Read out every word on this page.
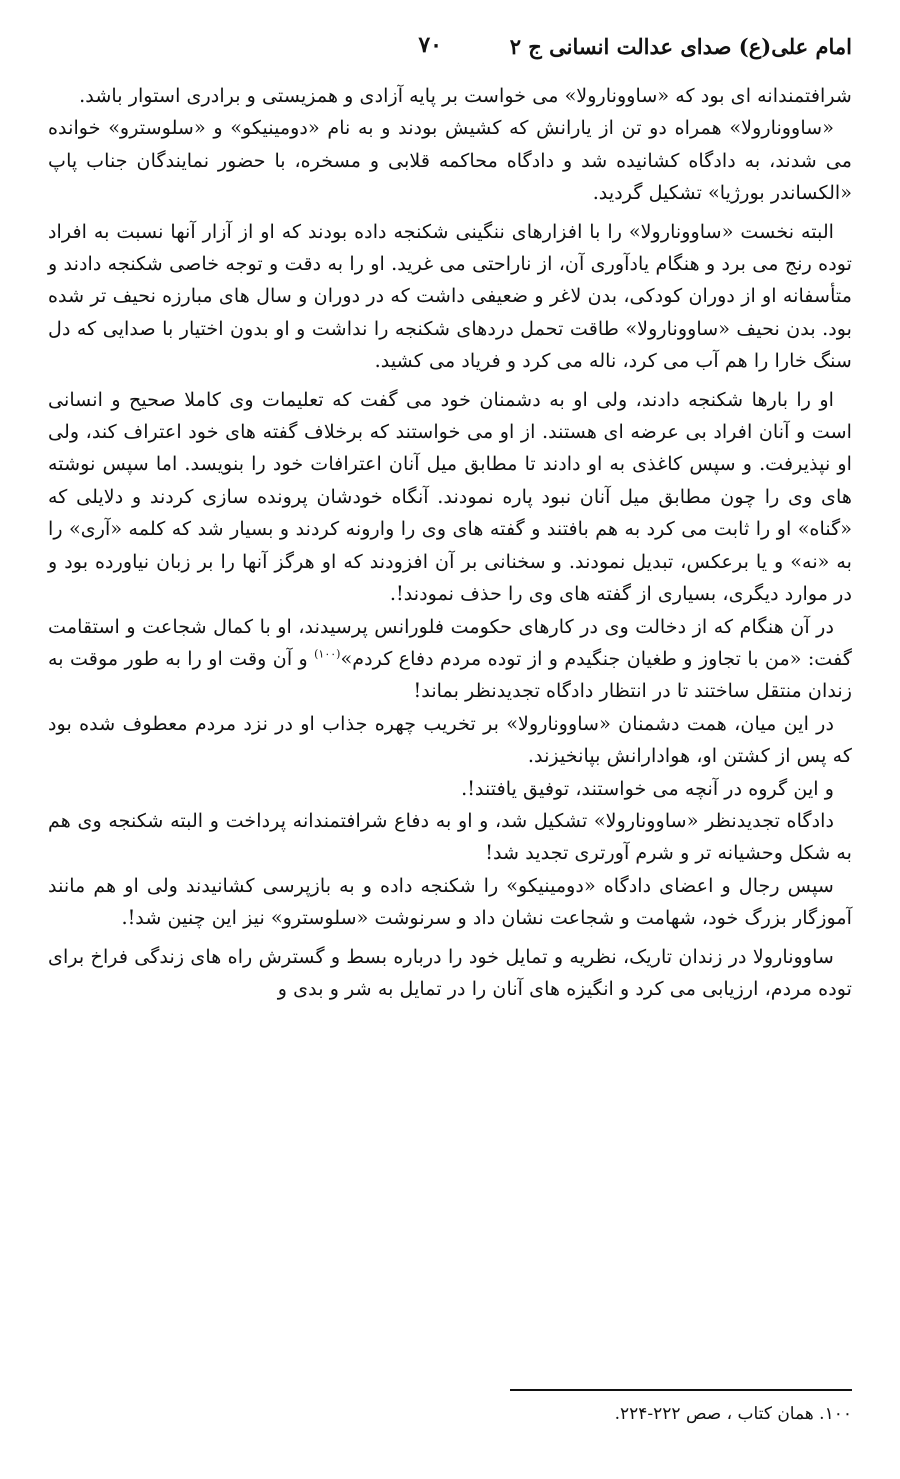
امام علی(ع) صدای عدالت انسانی ج ۲
۷۰

شرافتمندانه ای بود که «ساوونارولا» می خواست بر پایه آزادی و همزیستی و برادری استوار باشد.

«ساوونارولا» همراه دو تن از یارانش که کشیش بودند و به نام «دومینیکو» و «سلوسترو» خوانده می شدند، به دادگاه کشانیده شد و دادگاه محاکمه قلابی و مسخره، با حضور نمایندگان جناب پاپ «الکساندر بورژیا» تشکیل گردید.

البته نخست «ساوونارولا» را با افزارهای ننگینی شکنجه داده بودند که او از آزار آنها نسبت به افراد توده رنج می برد و هنگام یادآوری آن، از ناراحتی می غرید. او را به دقت و توجه خاصی شکنجه دادند و متأسفانه او از دوران کودکی، بدن لاغر و ضعیفی داشت که در دوران و سال های مبارزه نحیف تر شده بود. بدن نحیف «ساوونارولا» طاقت تحمل دردهای شکنجه را نداشت و او بدون اختیار با صدایی که دل سنگ خارا را هم آب می کرد، ناله می کرد و فریاد می کشید.

او را بارها شکنجه دادند، ولی او به دشمنان خود می گفت که تعلیمات وی کاملا صحیح و انسانی است و آنان افراد بی عرضه ای هستند. از او می خواستند که برخلاف گفته های خود اعتراف کند، ولی او نپذیرفت. و سپس کاغذی به او دادند تا مطابق میل آنان اعترافات خود را بنویسد. اما سپس نوشته های وی را چون مطابق میل آنان نبود پاره نمودند. آنگاه خودشان پرونده سازی کردند و دلایلی که «گناه» او را ثابت می کرد به هم بافتند و گفته های وی را وارونه کردند و بسیار شد که کلمه «آری» را به «نه» و یا برعکس، تبدیل نمودند. و سخنانی بر آن افزودند که او هرگز آنها را بر زبان نیاورده بود و در موارد دیگری، بسیاری از گفته های وی را حذف نمودند!.

در آن هنگام که از دخالت وی در کارهای حکومت فلورانس پرسیدند، او با کمال شجاعت و استقامت گفت: «من با تجاوز و طغیان جنگیدم و از توده مردم دفاع کردم»$^{(۱۰۰)}$ و آن وقت او را به طور موقت به زندان منتقل ساختند تا در انتظار دادگاه تجدیدنظر بماند!

در این میان، همت دشمنان «ساوونارولا» بر تخریب چهره جذاب او در نزد مردم معطوف شده بود که پس از کشتن او، هوادارانش بپانخیزند.

و این گروه در آنچه می خواستند، توفیق یافتند!.

دادگاه تجدیدنظر «ساوونارولا» تشکیل شد، و او به دفاع شرافتمندانه پرداخت و البته شکنجه وی هم به شکل وحشیانه تر و شرم آورتری تجدید شد!

سپس رجال و اعضای دادگاه «دومینیکو» را شکنجه داده و به بازپرسی کشانیدند ولی او هم مانند آموزگار بزرگ خود، شهامت و شجاعت نشان داد و سرنوشت «سلوسترو» نیز این چنین شد!.

ساوونارولا در زندان تاریک، نظریه و تمایل خود را درباره بسط و گسترش راه های زندگی فراخ برای توده مردم، ارزیابی می کرد و انگیزه های آنان را در تمایل به شر و بدی و

۱۰۰. همان کتاب ، صص ۲۲۲-۲۲۴.
